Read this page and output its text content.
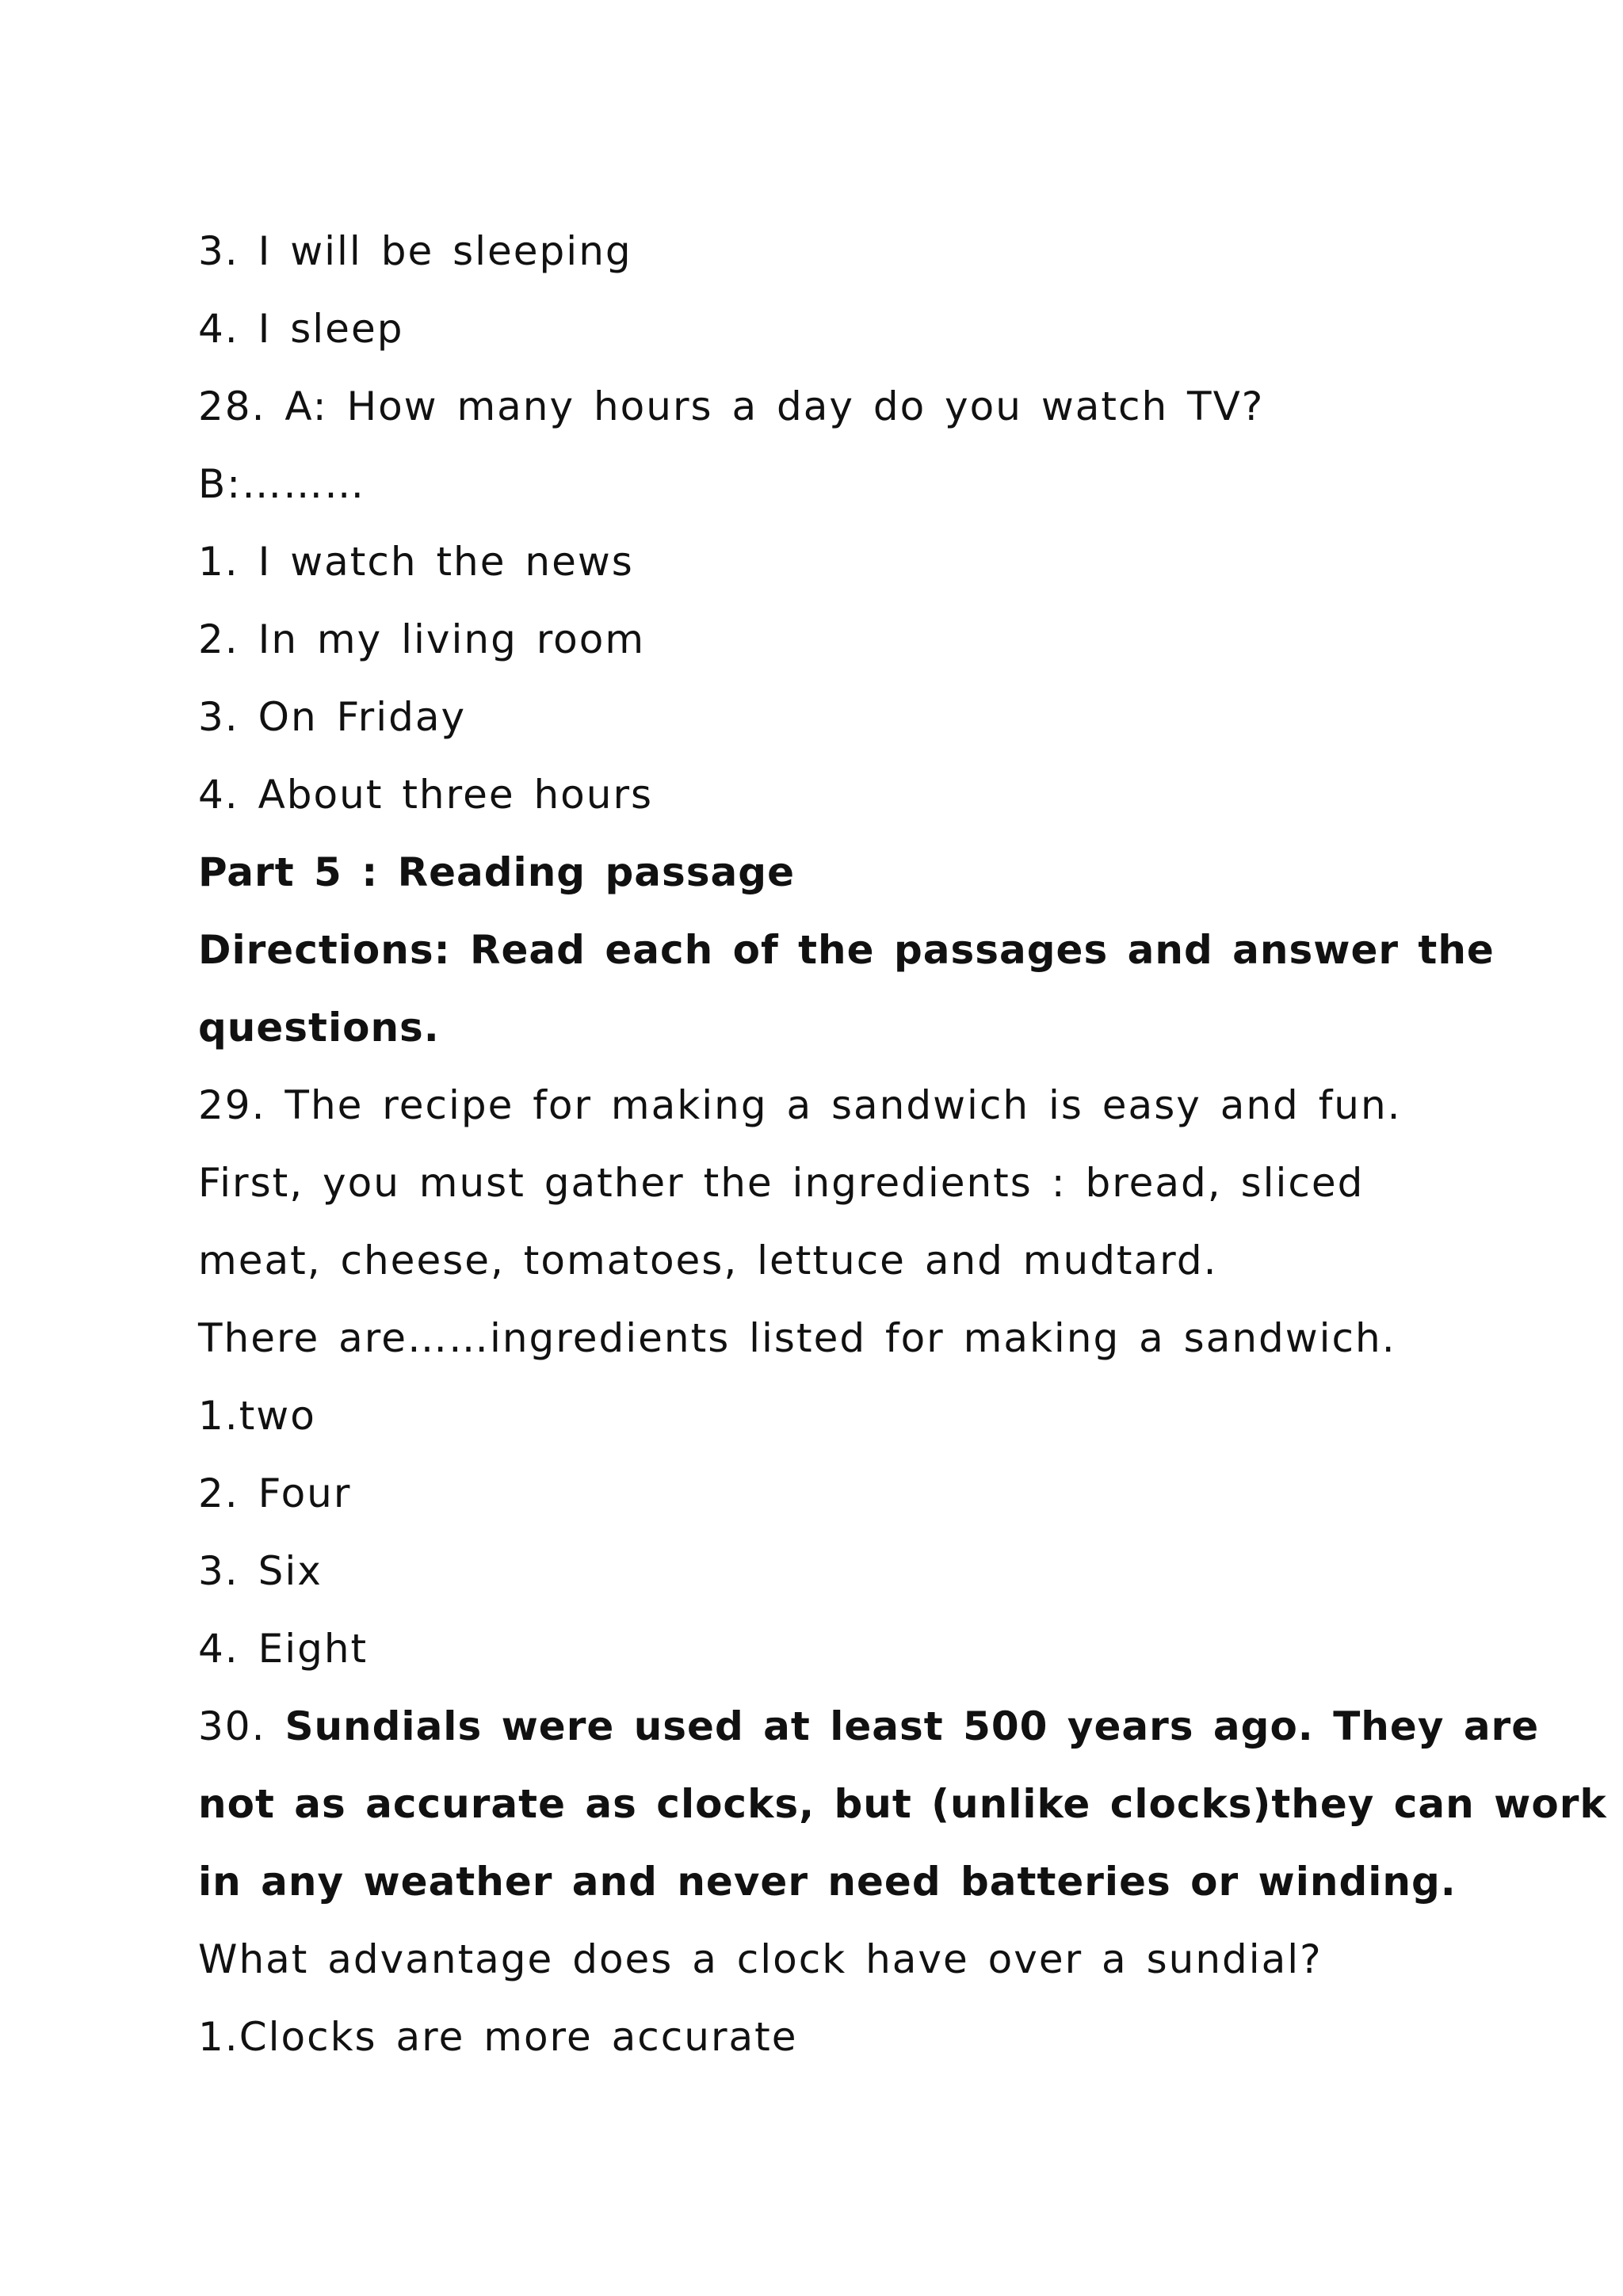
3. I will be sleeping
4. I sleep
28. A: How many hours a day do you watch TV?
B:………
1. I watch the news
2. In my living room
3. On Friday
4. About three hours
Part 5 : Reading passage
Directions: Read each of the passages and answer the
questions.
29. The recipe for making a sandwich is easy and fun.
First, you must gather the ingredients : bread, sliced
meat, cheese, tomatoes, lettuce and mudtard.
There are……ingredients listed for making a sandwich.
1.two
2. Four
3. Six
4. Eight
30. Sundials were used at least 500 years ago. They are
not as accurate as clocks, but (unlike clocks)they can work
in any weather and never need batteries or winding.
What advantage does a clock have over a sundial?
1.Clocks are more accurate
